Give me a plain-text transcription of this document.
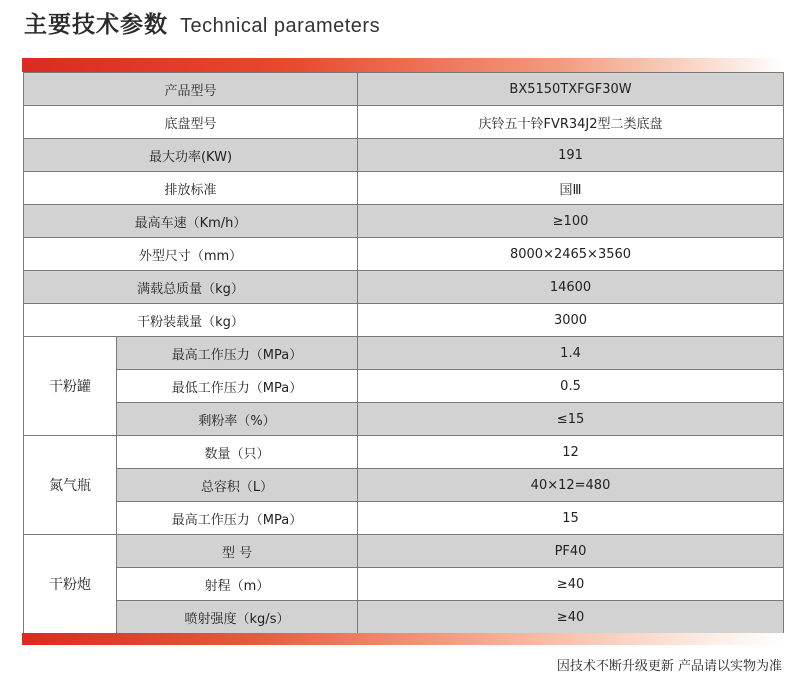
主要技术参数 Technical parameters
产品型号		BX5150TXFGF30W
底盘型号		庆铃五十铃FVR34J2型二类底盘
最大功率(KW)		191
排放标准		国Ⅲ
最高车速（Km/h）		≥100
外型尺寸（mm）		8000×2465×3560
满载总质量（kg）		14600
干粉装载量（kg）		3000
干粉罐	最高工作压力（MPa）	1.4
	最低工作压力（MPa）	0.5
	剩粉率（%）	≤15
氮气瓶	数量（只）	12
	总容积（L）	40×12=480
	最高工作压力（MPa）	15
干粉炮	型 号	PF40
	射程（m）	≥40
	喷射强度（kg/s）	≥40
因技术不断升级更新 产品请以实物为准
